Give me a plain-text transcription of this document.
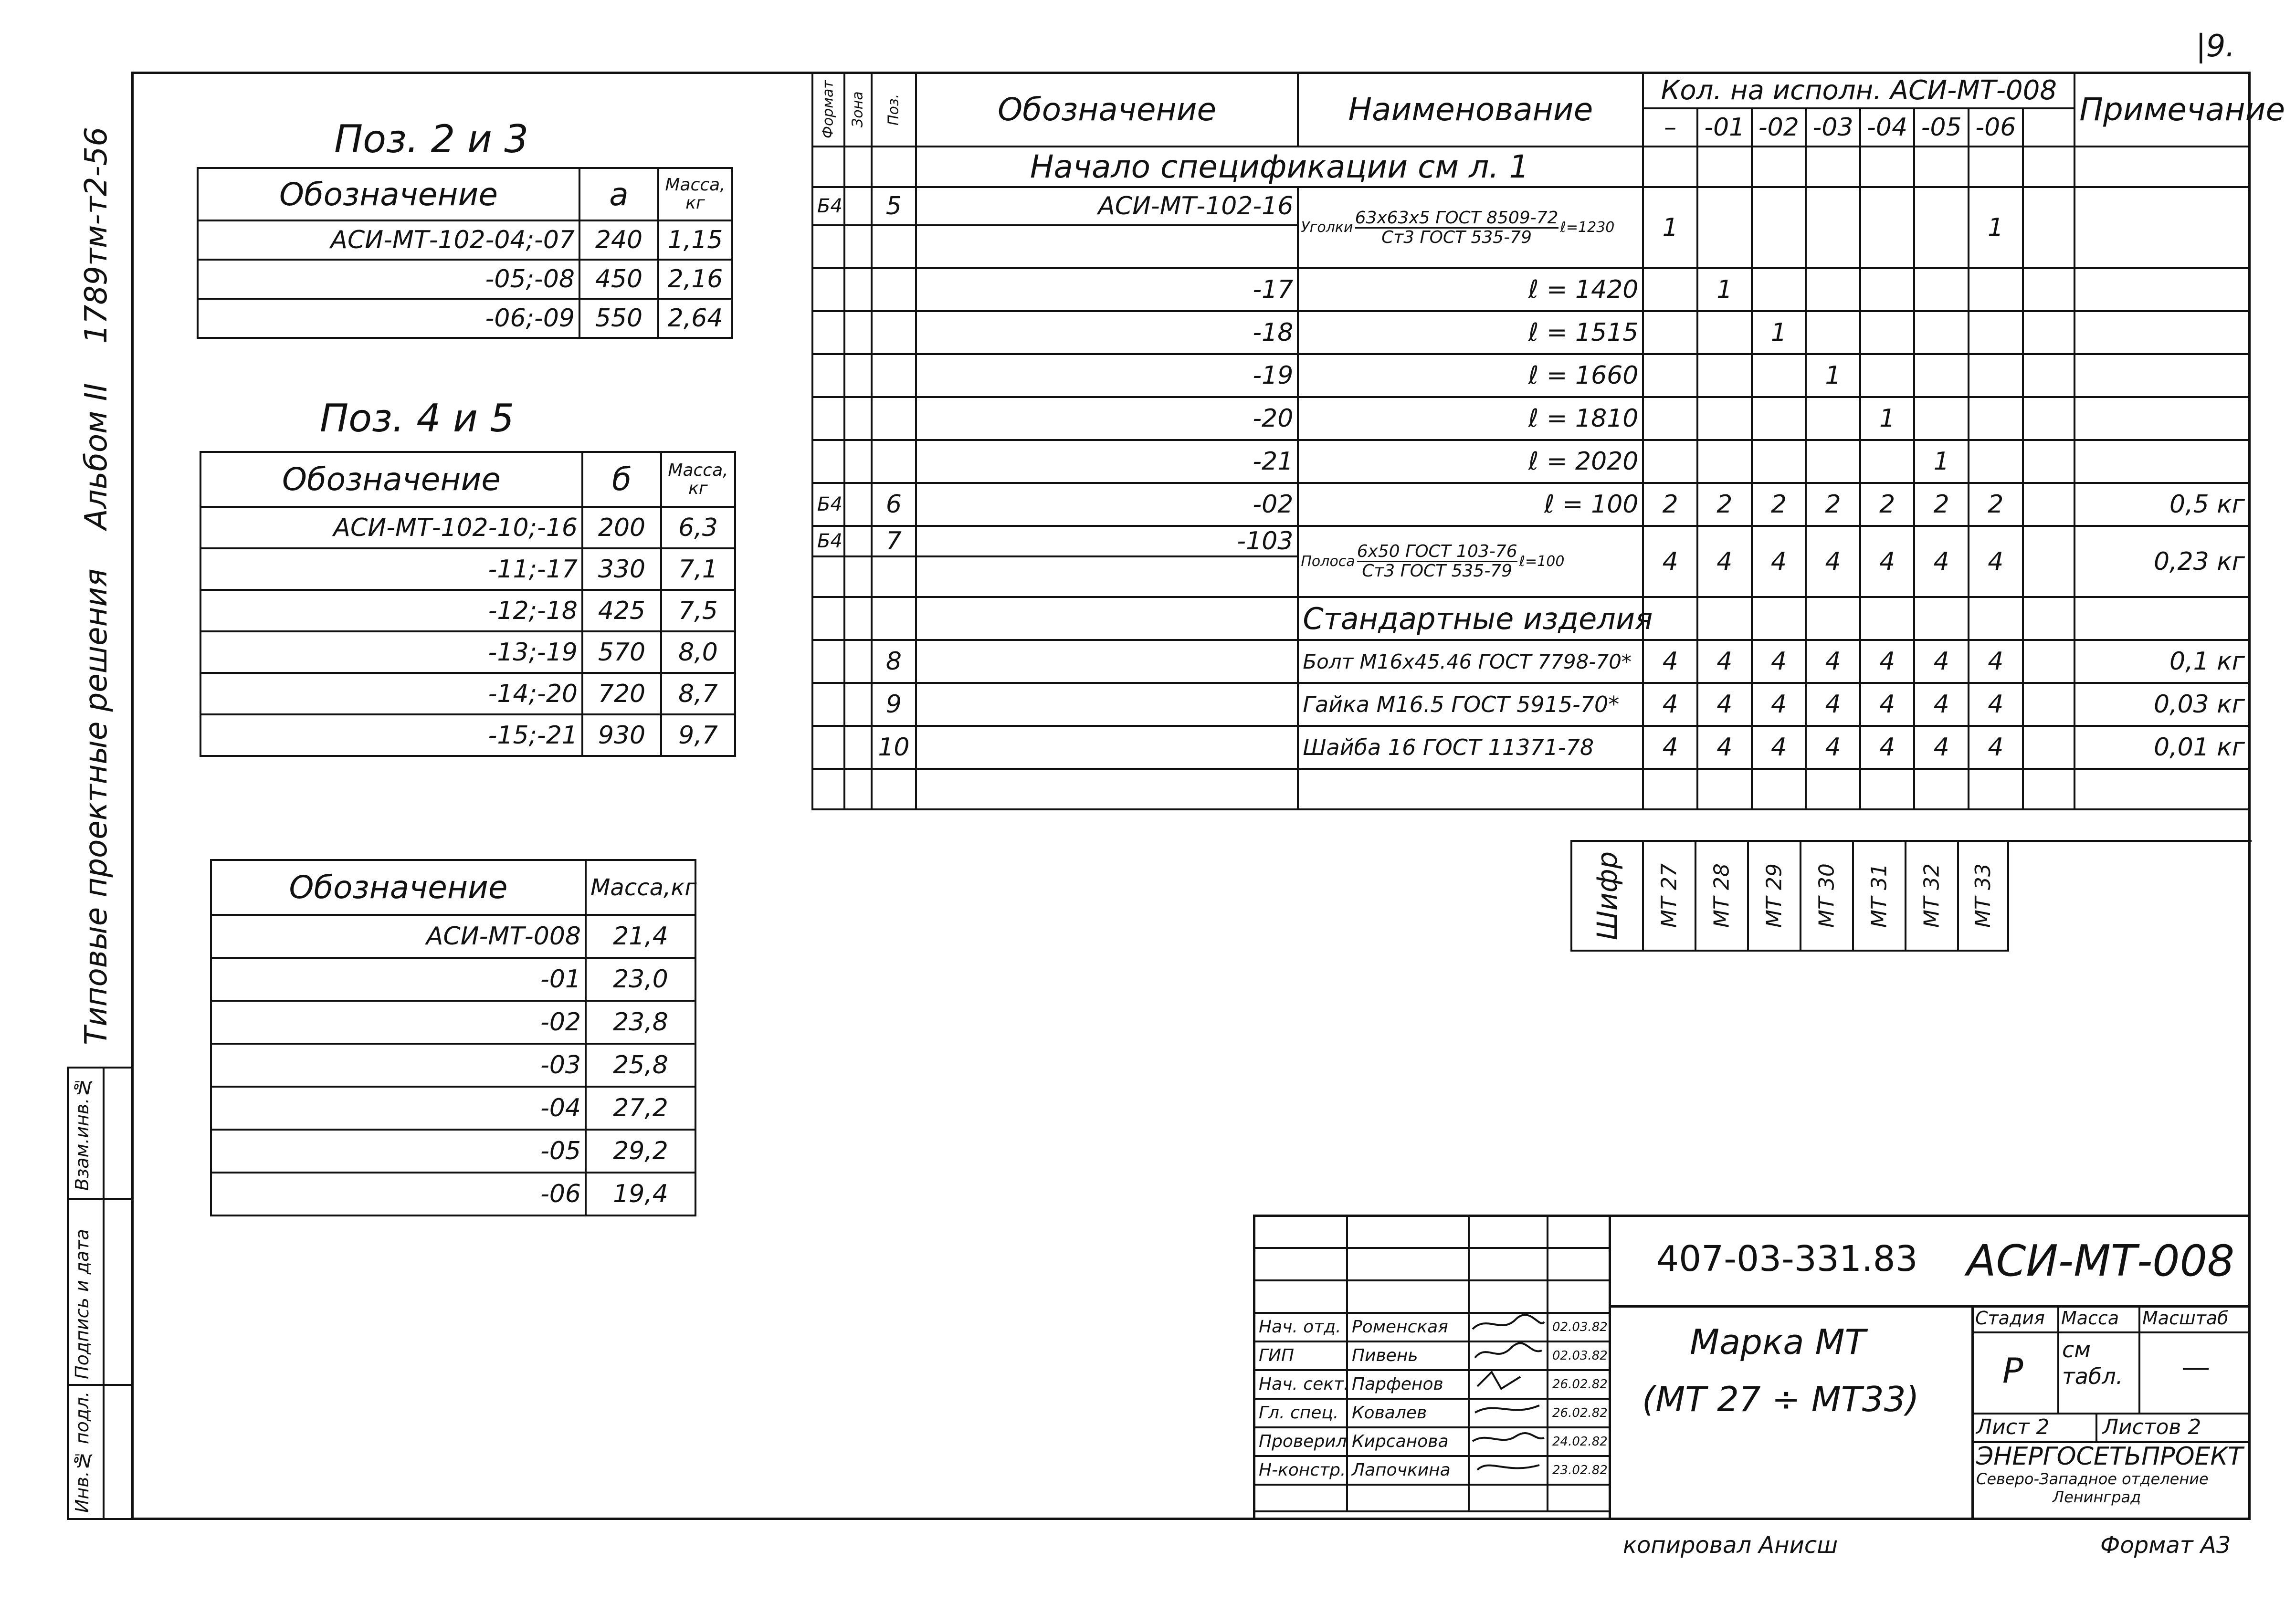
|9.
Инв.№ подл.
Подпись и дата
Взам.инв.№
1789тм-т2-56
Альбом II
Типовые проектные решения
Поз. 2 и 3
Обозначение	а	Масса, кг
АСИ-МТ-102-04;-07	240	1,15
-05;-08	450	2,16
-06;-09	550	2,64
Поз. 4 и 5
Обозначение	б	Масса, кг
АСИ-МТ-102-10;-16	200	6,3
-11;-17	330	7,1
-12;-18	425	7,5
-13;-19	570	8,0
-14;-20	720	8,7
-15;-21	930	9,7
Обозначение	Масса,кг
АСИ-МТ-008	21,4
-01	23,0
-02	23,8
-03	25,8
-04	27,2
-05	29,2
-06	19,4
Формат	Зона	Поз.	Обозначение	Наименование	Кол. на исполн. АСИ-МТ-008								Примечание
					–	-01	-02	-03	-04	-05	-06		
			Начало спецификации см л. 1										
Б4		5	АСИ-МТ-102-16	Уголки 63х63х5 ГОСТ 8509-72
Ст3 ГОСТ 535-79 ℓ=1230	1						1		

			-17	ℓ = 1420		1							
			-18	ℓ = 1515			1						
			-19	ℓ = 1660				1					
			-20	ℓ = 1810					1				
			-21	ℓ = 2020						1			
Б4		6	-02	ℓ = 100	2	2	2	2	2	2	2		0,5 кг
Б4		7	-103	Полоса 6х50 ГОСТ 103-76
Ст3 ГОСТ 535-79 ℓ=100	4	4	4	4	4	4	4		0,23 кг

				Стандартные изделия									
		8		Болт М16х45.46 ГОСТ 7798-70*	4	4	4	4	4	4	4		0,1 кг
		9		Гайка М16.5 ГОСТ 5915-70*	4	4	4	4	4	4	4		0,03 кг
		10		Шайба 16 ГОСТ 11371-78	4	4	4	4	4	4	4		0,01 кг

Шифр	МТ 27	МТ 28	МТ 29	МТ 30	МТ 31	МТ 32	МТ 33	

Нач. отд.	Роменская		02.03.82
ГИП	Пивень		02.03.82
Нач. сект.	Парфенов		26.02.82
Гл. спец.	Ковалев		26.02.82
Проверил	Кирсанова		24.02.82
Н-констр.	Лапочкина		23.02.82

407-03-331.83 АСИ-МТ-008
Марка МТ
(МТ 27 ÷ МТ33)
Стадия Масса Масштаб
Р
см табл.	—
Лист 2	Листов 2
ЭНЕРГОСЕТЬПРОЕКТ
Северо-Западное отделение
Ленинград
копировал Анисш	Формат А3
